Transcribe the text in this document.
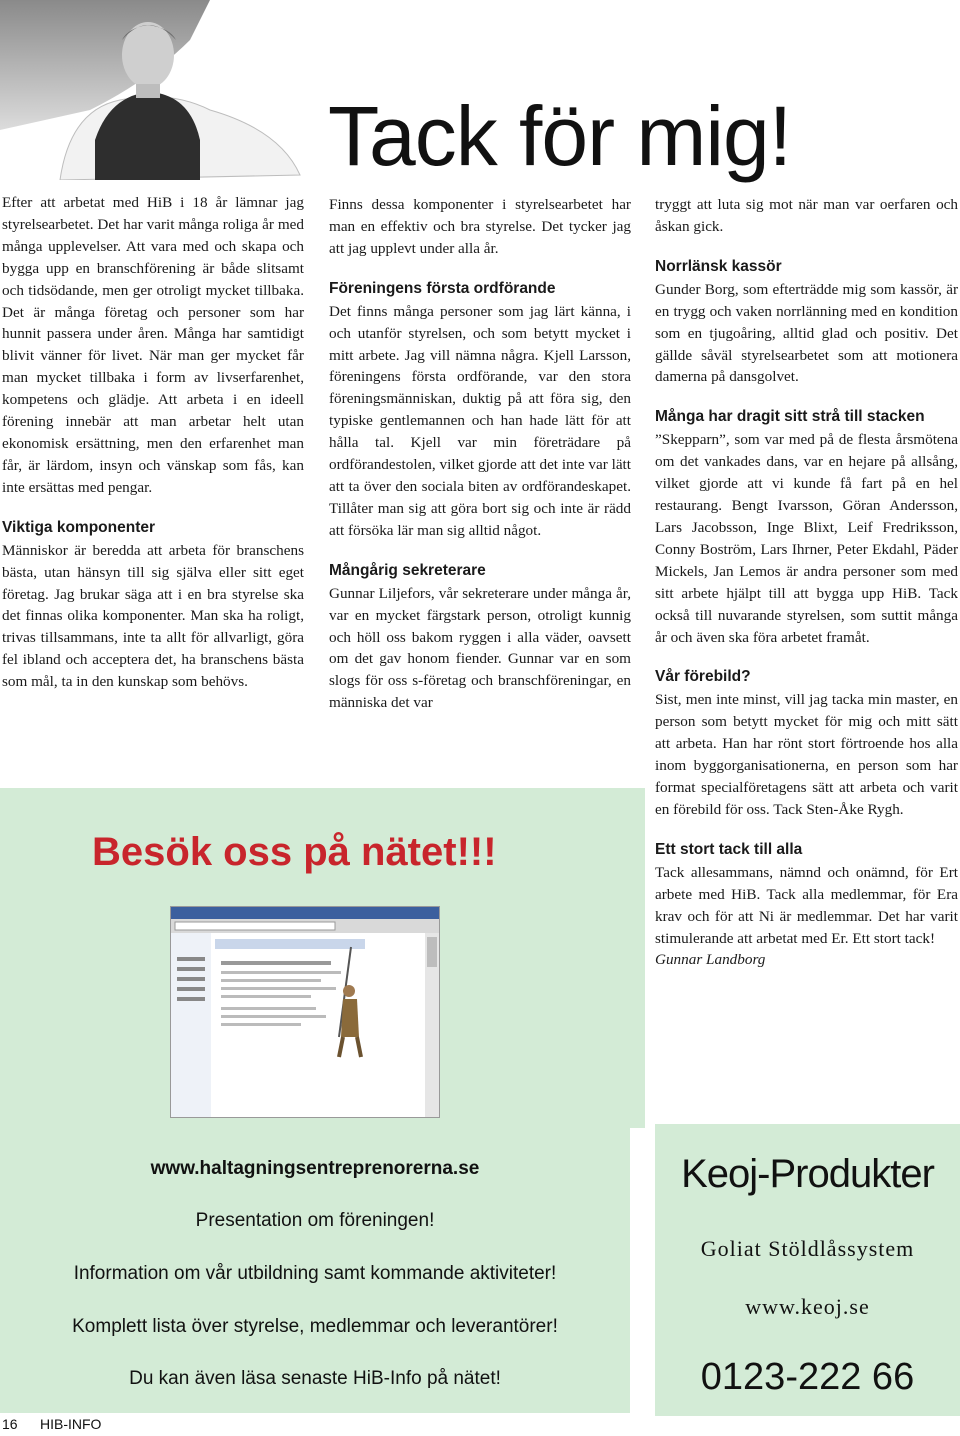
Tack för mig!

Efter att arbetat med HiB i 18 år lämnar jag styrelsearbetet. Det har varit många roliga år med många upplevelser. Att vara med och skapa och bygga upp en branschförening är både slitsamt och tidsödande, men ger otroligt mycket tillbaka. Det är många företag och personer som har hunnit passera under åren. Många har samtidigt blivit vänner för livet. När man ger mycket får man mycket tillbaka i form av livserfarenhet, kompetens och glädje. Att arbeta i en ideell förening innebär att man arbetar helt utan ekonomisk ersättning, men den erfarenhet man får, är lärdom, insyn och vänskap som fås, kan inte ersättas med pengar.

Viktiga komponenter

Människor är beredda att arbeta för branschens bästa, utan hänsyn till sig själva eller sitt eget företag. Jag brukar säga att i en bra styrelse ska det finnas olika komponenter. Man ska ha roligt, trivas tillsammans, inte ta allt för allvarligt, göra fel ibland och acceptera det, ha branschens bästa som mål, ta in den kunskap som behövs.

Finns dessa komponenter i styrelsearbetet har man en effektiv och bra styrelse. Det tycker jag att jag upplevt under alla år.

Föreningens första ordförande

Det finns många personer som jag lärt känna, i och utanför styrelsen, och som betytt mycket i mitt arbete. Jag vill nämna några. Kjell Larsson, föreningens första ordförande, var den stora föreningsmänniskan, duktig på att föra sig, den typiske gentlemannen och han hade lätt för att hålla tal. Kjell var min företrädare på ordförandestolen, vilket gjorde att det inte var lätt att ta över den sociala biten av ordförandeskapet. Tillåter man sig att göra bort sig och inte är rädd att försöka lär man sig alltid något.

Mångårig sekreterare

Gunnar Liljefors, vår sekreterare under många år, var en mycket färgstark person, otroligt kunnig och höll oss bakom ryggen i alla väder, oavsett om det gav honom fiender. Gunnar var en som slogs för oss s-företag och branschföreningar, en människa det var

tryggt att luta sig mot när man var oerfaren och åskan gick.

Norrlänsk kassör

Gunder Borg, som efterträdde mig som kassör, är en trygg och vaken norrlänning med en kondition som en tjugoåring, alltid glad och positiv. Det gällde såväl styrelsearbetet som att motionera damerna på dansgolvet.

Många har dragit sitt strå till stacken

”Skepparn”, som var med på de flesta årsmötena om det vankades dans, var en hejare på allsång, vilket gjorde att vi kunde få fart på en hel restaurang. Bengt Ivarsson, Göran Andersson, Lars Jacobsson, Inge Blixt, Leif Fredriksson, Conny Boström, Lars Ihrner, Peter Ekdahl, Päder Mickels, Jan Lemos är andra personer som med sitt arbete hjälpt till att bygga upp HiB. Tack också till nuvarande styrelsen, som suttit många år och även ska föra arbetet framåt.

Vår förebild?

Sist, men inte minst, vill jag tacka min master, en person som betytt mycket för mig och mitt sätt att arbeta. Han har rönt stort förtroende hos alla inom byggorganisationerna, en person som har format specialföretagens sätt att arbeta och varit en förebild för oss. Tack Sten-Åke Rygh.

Ett stort tack till alla

Tack allesammans, nämnd och onämnd, för Ert arbete med HiB. Tack alla medlemmar, för Era krav och för att Ni är medlemmar. Det har varit stimulerande att arbetat med Er. Ett stort tack!

Gunnar Landborg

Besök oss på nätet!!!
www.haltagningsentreprenorerna.se
Presentation om föreningen!
Information om vår utbildning samt kommande aktiviteter!
Komplett lista över styrelse, medlemmar och leverantörer!
Du kan även läsa senaste HiB-Info på nätet!
Keoj-Produkter
Goliat Stöldlåssystem
www.keoj.se
0123-222 66
16 HIB-INFO
